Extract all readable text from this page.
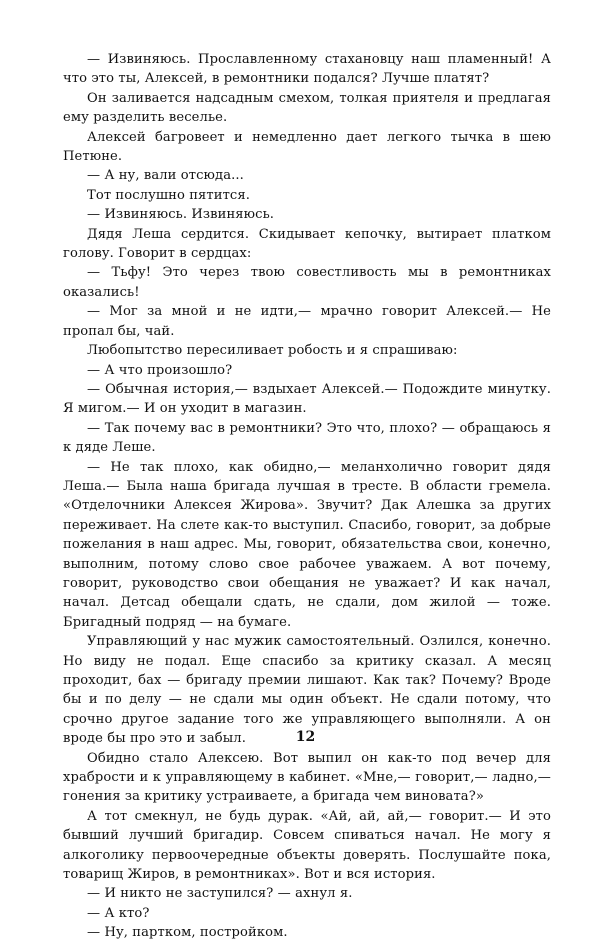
— Извиняюсь. Прославленному стахановцу наш пламенный! А что это ты, Алексей, в ремонтники подался? Лучше платят?

Он заливается надсадным смехом, толкая приятеля и предлагая ему разделить веселье.

Алексей багровеет и немедленно дает легкого тычка в шею Петюне.

— А ну, вали отсюда...

Тот послушно пятится.

— Извиняюсь. Извиняюсь.

Дядя Леша сердится. Скидывает кепочку, вытирает платком голову. Говорит в сердцах:

— Тьфу! Это через твою совестливость мы в ремонтниках оказались!

— Мог за мной и не идти,— мрачно говорит Алексей.— Не пропал бы, чай.

Любопытство пересиливает робость и я спрашиваю:

— А что произошло?

— Обычная история,— вздыхает Алексей.— Подождите минутку. Я мигом.— И он уходит в магазин.

— Так почему вас в ремонтники? Это что, плохо? — обращаюсь я к дяде Леше.

— Не так плохо, как обидно,— меланхолично говорит дядя Леша.— Была наша бригада лучшая в тресте. В области гремела. «Отделочники Алексея Жирова». Звучит? Дак Алешка за других переживает. На слете как-то выступил. Спасибо, говорит, за добрые пожелания в наш адрес. Мы, говорит, обязательства свои, конечно, выполним, потому слово свое рабочее уважаем. А вот почему, говорит, руководство свои обещания не уважает? И как начал, начал. Детсад обещали сдать, не сдали, дом жилой — тоже. Бригадный подряд — на бумаге.

Управляющий у нас мужик самостоятельный. Озлился, конечно. Но виду не подал. Еще спасибо за критику сказал. А месяц проходит, бах — бригаду премии лишают. Как так? Почему? Вроде бы и по делу — не сдали мы один объект. Не сдали потому, что срочно другое задание того же управляющего выполняли. А он вроде бы про это и забыл.

Обидно стало Алексею. Вот выпил он как-то под вечер для храбрости и к управляющему в кабинет. «Мне,— говорит,— ладно,— гонения за критику устраиваете, а бригада чем виновата?»

А тот смекнул, не будь дурак. «Ай, ай, ай,— говорит.— И это бывший лучший бригадир. Совсем спиваться начал. Не могу я алкоголику первоочередные объекты доверять. Послушайте пока, товарищ Жиров, в ремонтниках». Вот и вся история.

— И никто не заступился? — ахнул я.

— А кто?

— Ну, партком, постройком.

12
